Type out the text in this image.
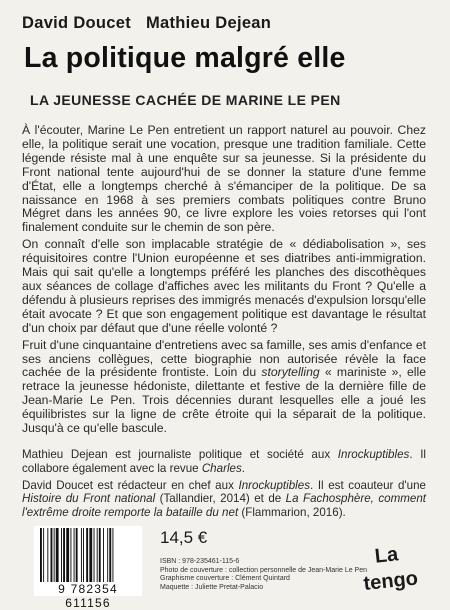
David Doucet Mathieu Dejean
La politique malgré elle
LA JEUNESSE CACHÉE DE MARINE LE PEN

À l'écouter, Marine Le Pen entretient un rapport naturel au pouvoir. Chez elle, la politique serait une vocation, presque une tradition familiale. Cette légende résiste mal à une enquête sur sa jeunesse. Si la présidente du Front national tente aujourd'hui de se donner la stature d'une femme d'État, elle a longtemps cherché à s'émanciper de la politique. De sa naissance en 1968 à ses premiers combats politiques contre Bruno Mégret dans les années 90, ce livre explore les voies retorses qui l'ont finalement conduite sur le chemin de son père.

On connaît d'elle son implacable stratégie de « dédiabolisation », ses réquisitoires contre l'Union européenne et ses diatribes anti-immigration. Mais qui sait qu'elle a longtemps préféré les planches des discothèques aux séances de collage d'affiches avec les militants du Front ? Qu'elle a défendu à plusieurs reprises des immigrés menacés d'expulsion lorsqu'elle était avocate ? Et que son engagement politique est davantage le résultat d'un choix par défaut que d'une réelle volonté ?

Fruit d'une cinquantaine d'entretiens avec sa famille, ses amis d'enfance et ses anciens collègues, cette biographie non autorisée révèle la face cachée de la présidente frontiste. Loin du storytelling « mariniste », elle retrace la jeunesse hédoniste, dilettante et festive de la dernière fille de Jean-Marie Le Pen. Trois décennies durant lesquelles elle a joué les équilibristes sur la ligne de crête étroite qui la séparait de la politique. Jusqu'à ce qu'elle bascule.

Mathieu Dejean est journaliste politique et société aux Inrockuptibles. Il collabore également avec la revue Charles.

David Doucet est rédacteur en chef aux Inrockuptibles. Il est coauteur d'une Histoire du Front national (Tallandier, 2014) et de La Fachosphère, comment l'extrême droite remporte la bataille du net (Flammarion, 2016).

9 782354 611156
14,5 €
ISBN : 978-235461-115-6
Photo de couverture : collection personnelle de Jean-Marie Le Pen
Graphisme couverture : Clément Quintard
Maquette : Juliette Pretat-Palacio
La
tengo
